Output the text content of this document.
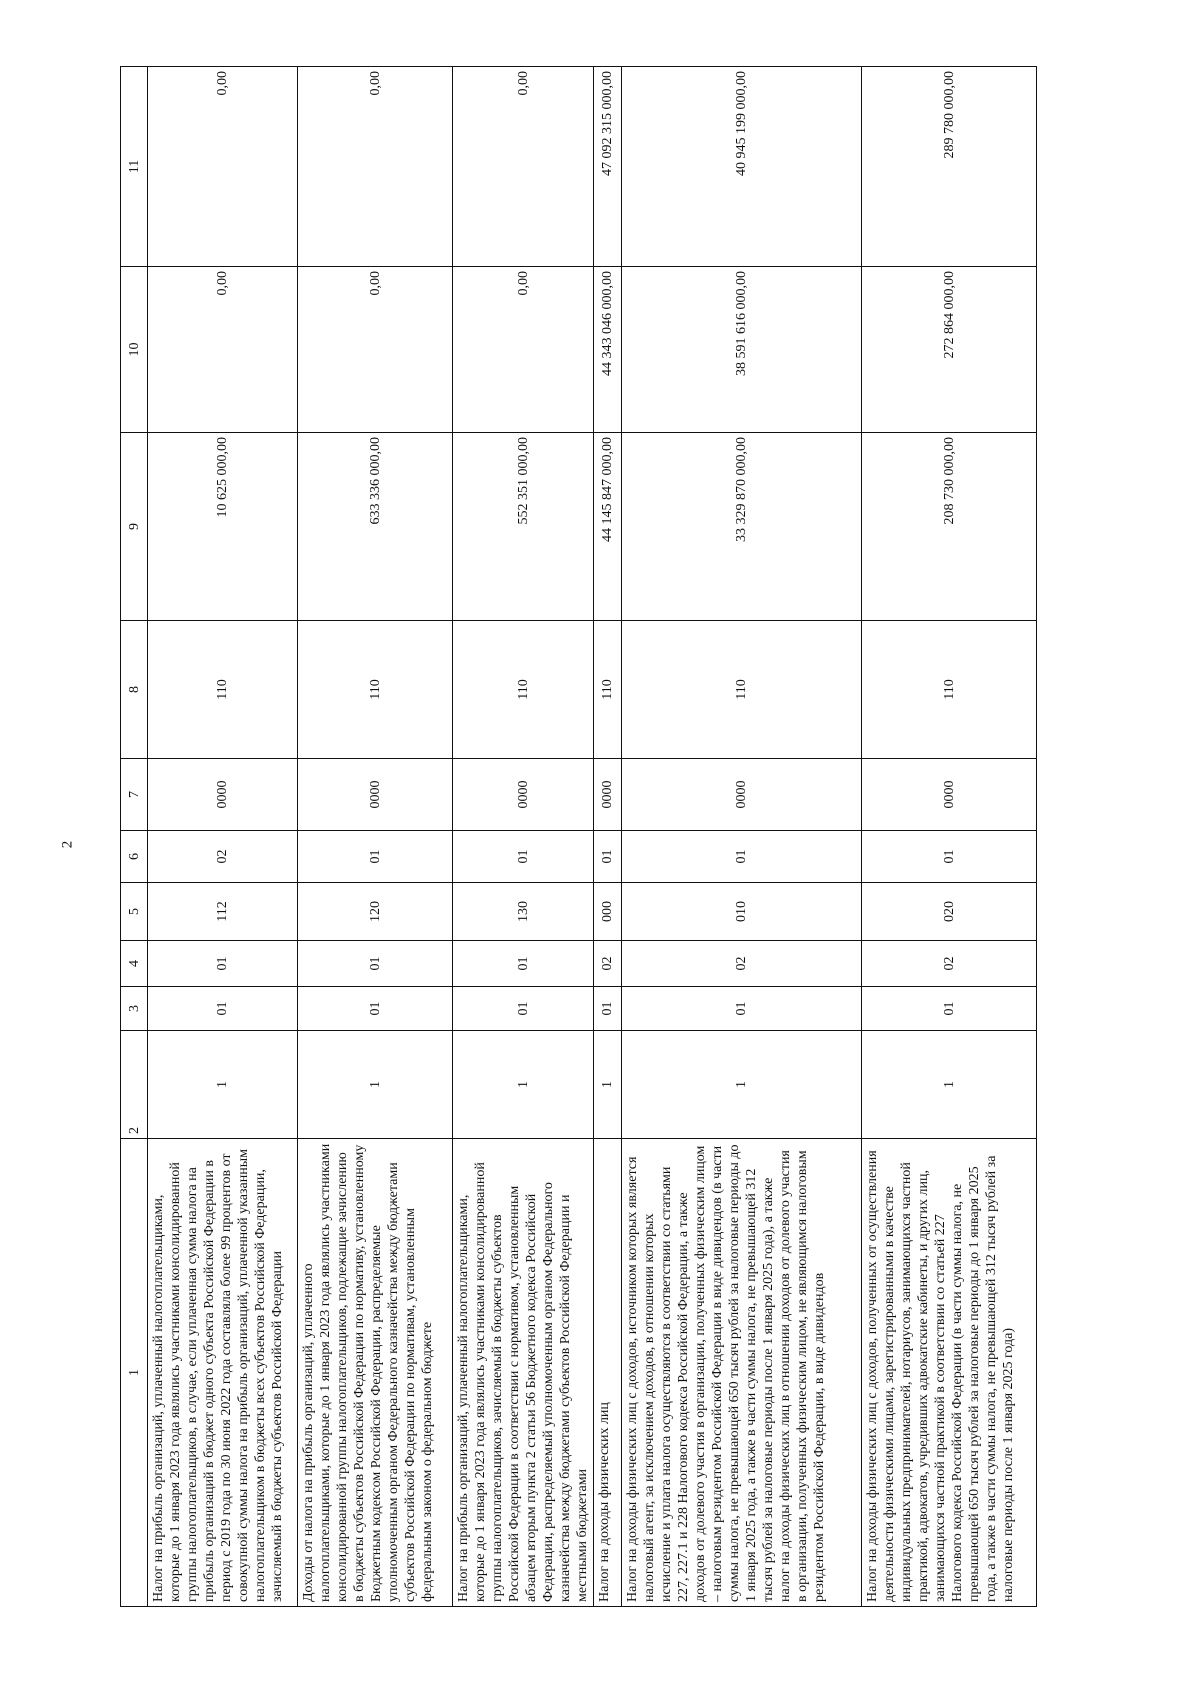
2
1	2	3	4	5	6	7	8	9	10	11
Налог на прибыль организаций, уплаченный налогоплательщиками, которые до 1 января 2023 года являлись участниками консолидированной группы налогоплательщиков, в случае, если уплаченная сумма налога на прибыль организаций в бюджет одного субъекта Российской Федерации в период с 2019 года по 30 июня 2022 года составляла более 99 процентов от совокупной суммы налога на прибыль организаций, уплаченной указанным налогоплательщиком в бюджеты всех субъектов Российской Федерации, зачисляемый в бюджеты субъектов Российской Федерации	1	01	01	112	02	0000	110	10 625 000,00	0,00	0,00
Доходы от налога на прибыль организаций, уплаченного налогоплательщиками, которые до 1 января 2023 года являлись участниками консолидированной группы налогоплательщиков, подлежащие зачислению в бюджеты субъектов Российской Федерации по нормативу, установленному Бюджетным кодексом Российской Федерации, распределяемые уполномоченным органом Федерального казначейства между бюджетами субъектов Российской Федерации по нормативам, установленным федеральным законом о федеральном бюджете	1	01	01	120	01	0000	110	633 336 000,00	0,00	0,00
Налог на прибыль организаций, уплаченный налогоплательщиками, которые до 1 января 2023 года являлись участниками консолидированной группы налогоплательщиков, зачисляемый в бюджеты субъектов Российской Федерации в соответствии с нормативом, установленным абзацем вторым пункта 2 статьи 56 Бюджетного кодекса Российской Федерации, распределяемый уполномоченным органом Федерального казначейства между бюджетами субъектов Российской Федерации и местными бюджетами	1	01	01	130	01	0000	110	552 351 000,00	0,00	0,00
Налог на доходы физических лиц	1	01	02	000	01	0000	110	44 145 847 000,00	44 343 046 000,00	47 092 315 000,00
Налог на доходы физических лиц с доходов, источником которых является налоговый агент, за исключением доходов, в отношении которых исчисление и уплата налога осуществляются в соответствии со статьями 227, 227.1 и 228 Налогового кодекса Российской Федерации, а также доходов от долевого участия в организации, полученных физическим лицом – налоговым резидентом Российской Федерации в виде дивидендов (в части суммы налога, не превышающей 650 тысяч рублей за налоговые периоды до 1 января 2025 года, а также в части суммы налога, не превышающей 312 тысяч рублей за налоговые периоды после 1 января 2025 года), а также налог на доходы физических лиц в отношении доходов от долевого участия в организации, полученных физическим лицом, не являющимся налоговым резидентом Российской Федерации, в виде дивидендов	1	01	02	010	01	0000	110	33 329 870 000,00	38 591 616 000,00	40 945 199 000,00
Налог на доходы физических лиц с доходов, полученных от осуществления деятельности физическими лицами, зарегистрированными в качестве индивидуальных предпринимателей, нотариусов, занимающихся частной практикой, адвокатов, учредивших адвокатские кабинеты, и других лиц, занимающихся частной практикой в соответствии со статьей 227 Налогового кодекса Российской Федерации (в части суммы налога, не превышающей 650 тысяч рублей за налоговые периоды до 1 января 2025 года, а также в части суммы налога, не превышающей 312 тысяч рублей за налоговые периоды после 1 января 2025 года)	1	01	02	020	01	0000	110	208 730 000,00	272 864 000,00	289 780 000,00
